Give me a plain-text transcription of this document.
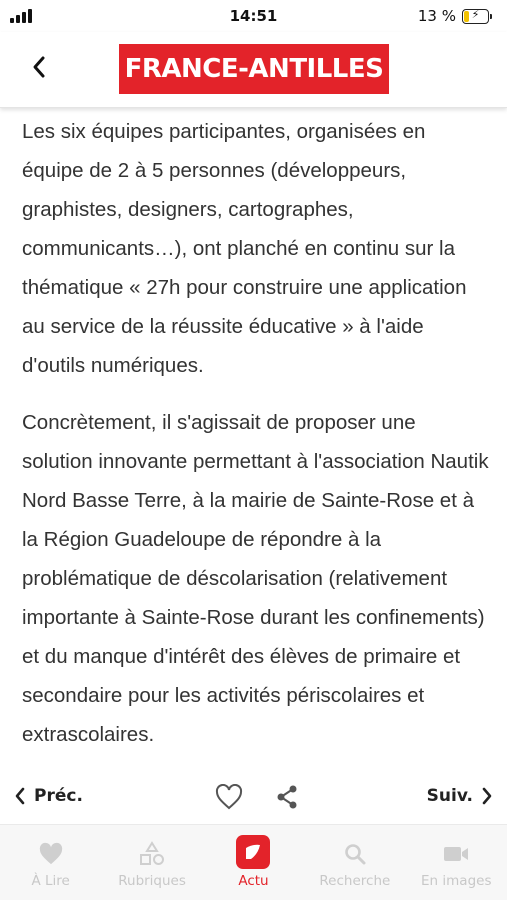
14:51	13 %	⚡
FRANCE-ANTILLES

Les six équipes participantes, organisées en équipe de 2 à 5 personnes (développeurs, graphistes, designers, cartographes, communicants…), ont planché en continu sur la thématique « 27h pour construire une application au service de la réussite éducative » à l'aide d'outils numériques.

Concrètement, il s'agissait de proposer une solution innovante permettant à l'association Nautik Nord Basse Terre, à la mairie de Sainte-Rose et à la Région Guadeloupe de répondre à la problématique de déscolarisation (relativement importante à Sainte-Rose durant les confinements) et du manque d'intérêt des élèves de primaire et secondaire pour les activités périscolaires et extrascolaires.

Préc.	Suiv.
À Lire	Rubriques	Actu	Recherche En images
